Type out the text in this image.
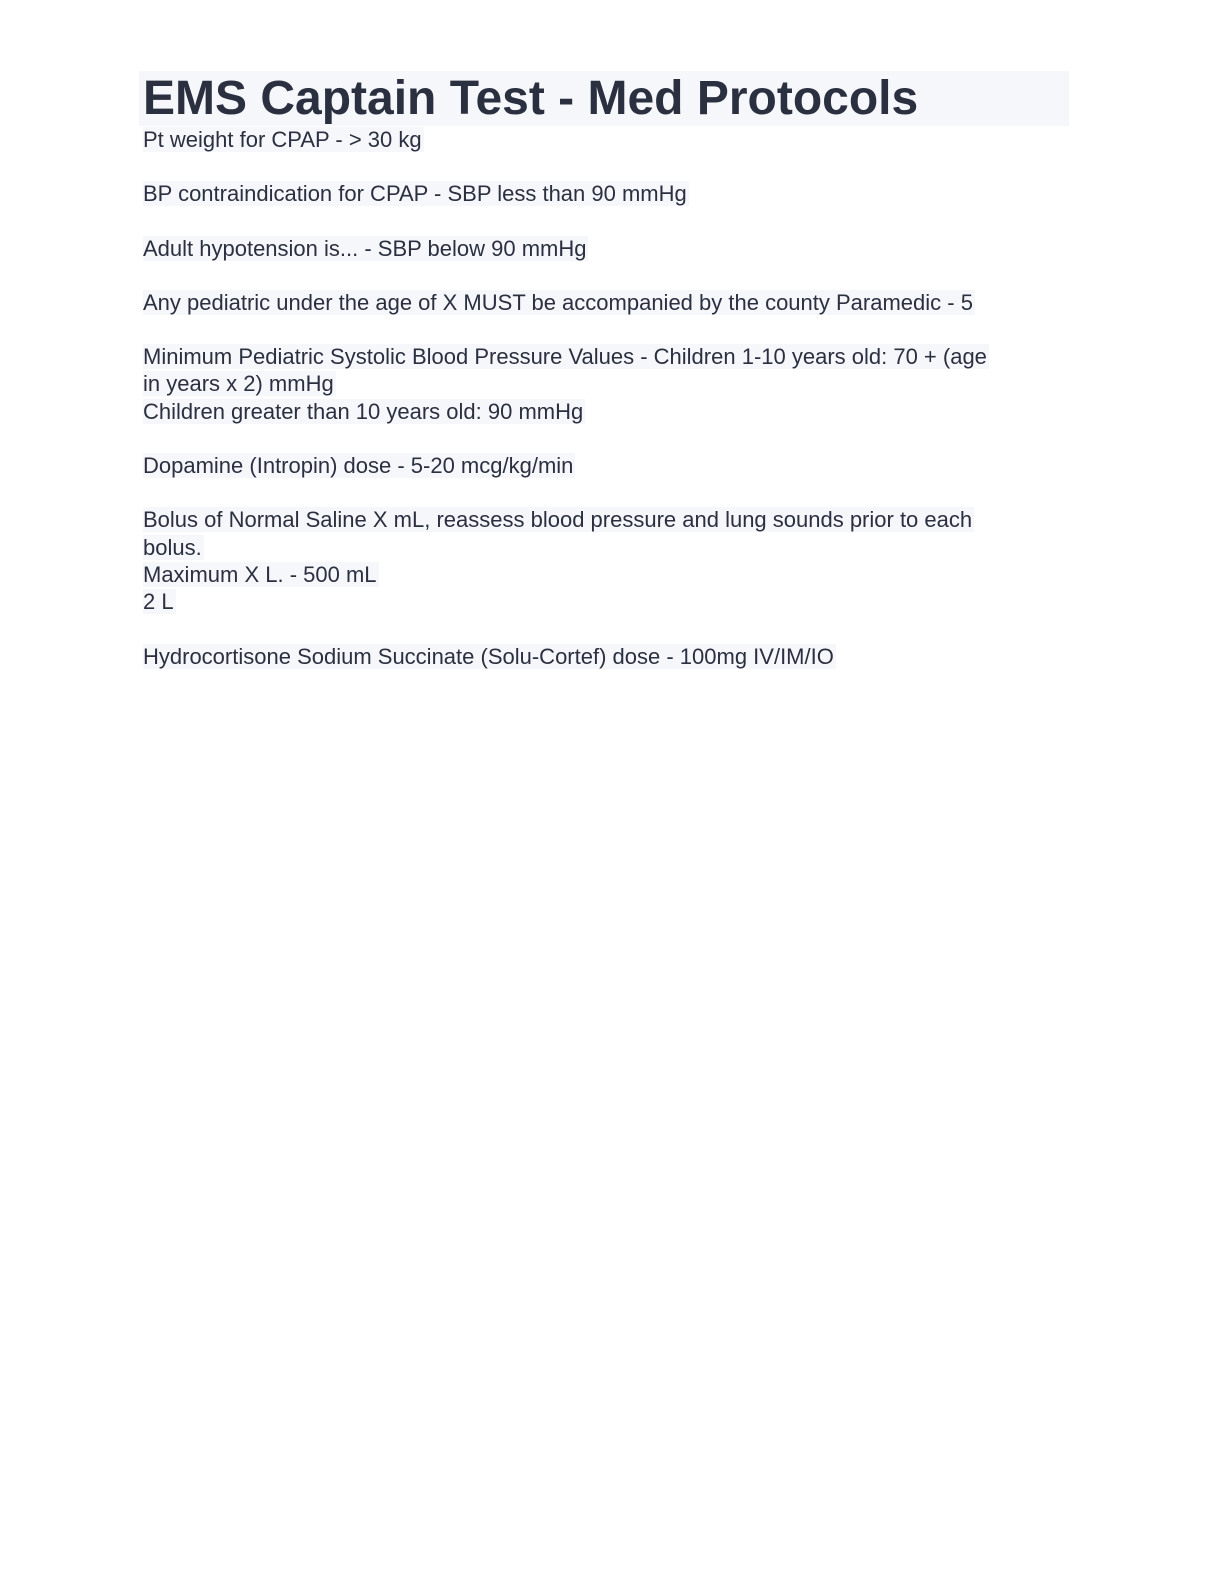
EMS Captain Test - Med Protocols
Pt weight for CPAP - > 30 kg
BP contraindication for CPAP - SBP less than 90 mmHg
Adult hypotension is... - SBP below 90 mmHg
Any pediatric under the age of X MUST be accompanied by the county Paramedic - 5
Minimum Pediatric Systolic Blood Pressure Values - Children 1-10 years old: 70 + (age
in years x 2) mmHg
Children greater than 10 years old: 90 mmHg
Dopamine (Intropin) dose - 5-20 mcg/kg/min
Bolus of Normal Saline X mL, reassess blood pressure and lung sounds prior to each
bolus.
Maximum X L. - 500 mL
2 L
Hydrocortisone Sodium Succinate (Solu-Cortef) dose - 100mg IV/IM/IO
